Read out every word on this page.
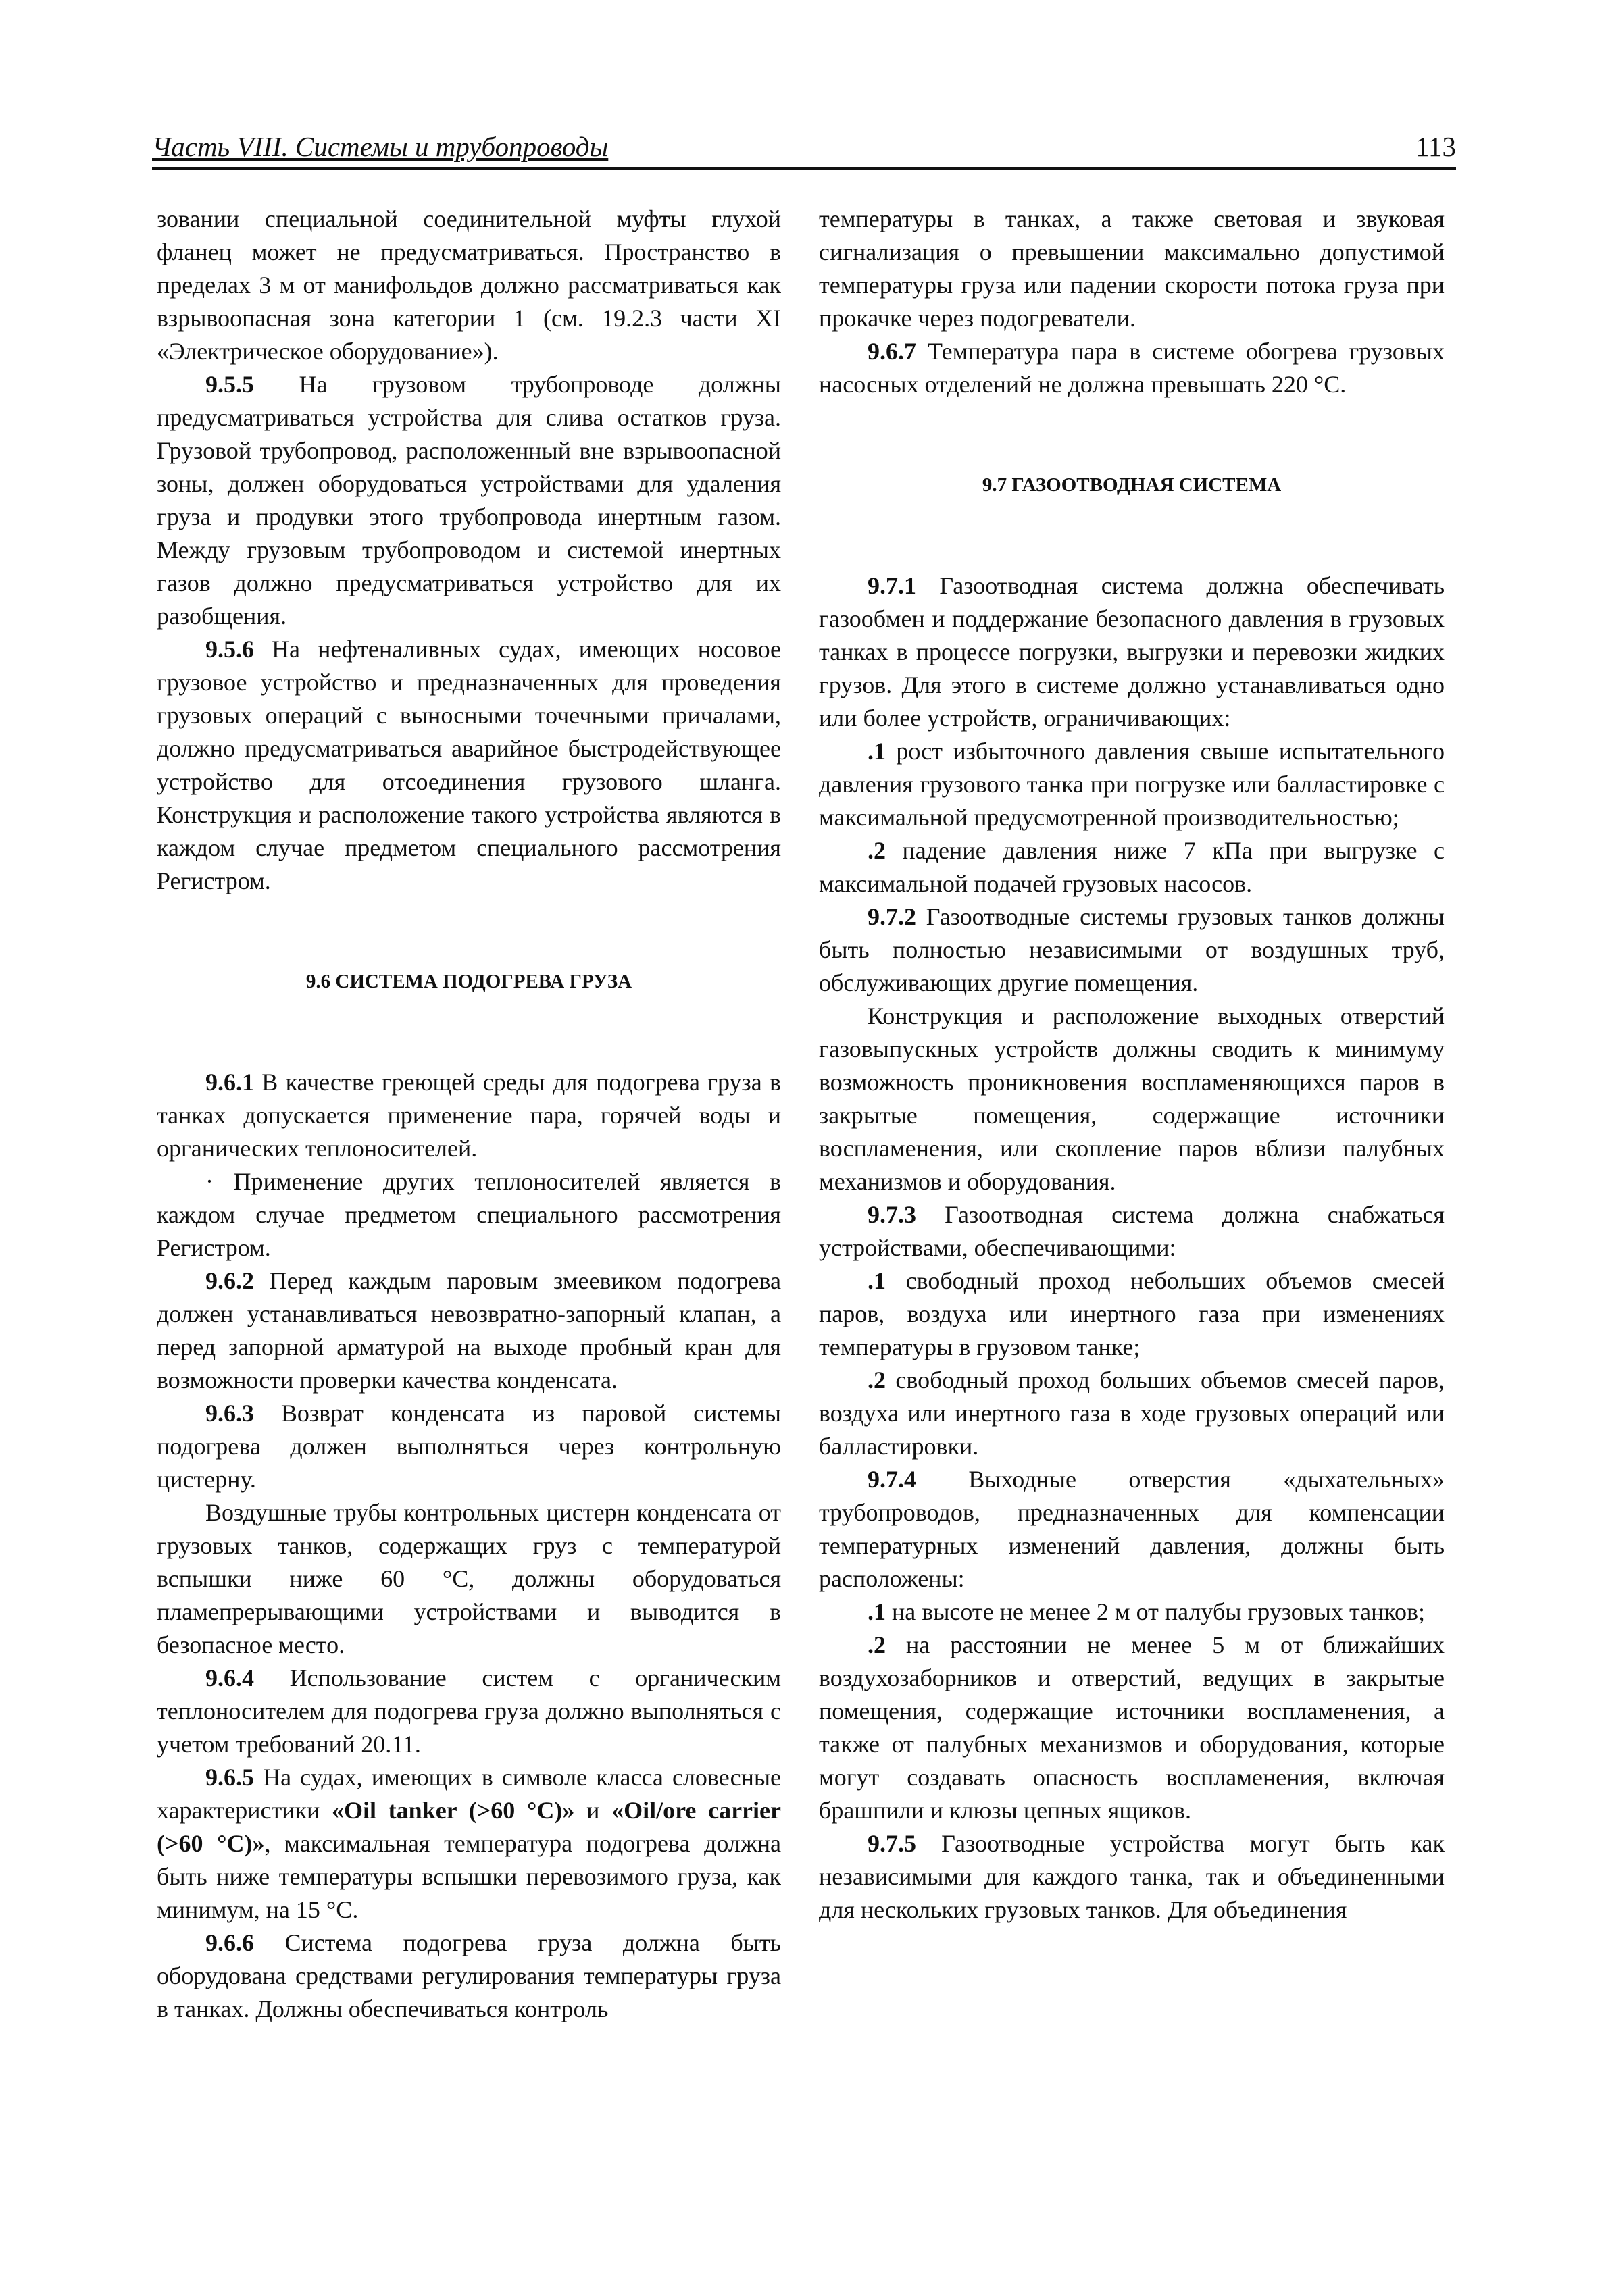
Часть VIII. Системы и трубопроводы	113

зовании специальной соединительной муфты глухой фланец может не предусматриваться. Пространство в пределах 3 м от манифольдов должно рассматриваться как взрывоопасная зона категории 1 (см. 19.2.3 части XI «Электрическое оборудование»).

9.5.5 На грузовом трубопроводе должны предусматриваться устройства для слива остатков груза. Грузовой трубопровод, расположенный вне взрывоопасной зоны, должен оборудоваться устройствами для удаления груза и продувки этого трубопровода инертным газом. Между грузовым трубопроводом и системой инертных газов должно предусматриваться устройство для их разобщения.

9.5.6 На нефтеналивных судах, имеющих носовое грузовое устройство и предназначенных для проведения грузовых операций с выносными точечными причалами, должно предусматриваться аварийное быстродействующее устройство для отсоединения грузового шланга. Конструкция и расположение такого устройства являются в каждом случае предметом специального рассмотрения Регистром.

9.6 СИСТЕМА ПОДОГРЕВА ГРУЗА

9.6.1 В качестве греющей среды для подогрева груза в танках допускается применение пара, горячей воды и органических теплоносителей.

· Применение других теплоносителей является в каждом случае предметом специального рассмотрения Регистром.

9.6.2 Перед каждым паровым змеевиком подогрева должен устанавливаться невозвратно-запорный клапан, а перед запорной арматурой на выходе пробный кран для возможности проверки качества конденсата.

9.6.3 Возврат конденсата из паровой системы подогрева должен выполняться через контрольную цистерну.

Воздушные трубы контрольных цистерн конденсата от грузовых танков, содержащих груз с температурой вспышки ниже 60 °С, должны оборудоваться пламепрерывающими устройствами и выводится в безопасное место.

9.6.4 Использование систем с органическим теплоносителем для подогрева груза должно выполняться с учетом требований 20.11.

9.6.5 На судах, имеющих в символе класса словесные характеристики «Oil tanker (>60 °C)» и «Oil/ore carrier (>60 °C)», максимальная температура подогрева должна быть ниже температуры вспышки перевозимого груза, как минимум, на 15 °С.

9.6.6 Система подогрева груза должна быть оборудована средствами регулирования температуры груза в танках. Должны обеспечиваться контроль

температуры в танках, а также световая и звуковая сигнализация о превышении максимально допустимой температуры груза или падении скорости потока груза при прокачке через подогреватели.

9.6.7 Температура пара в системе обогрева грузовых насосных отделений не должна превышать 220 °С.

9.7 ГАЗООТВОДНАЯ СИСТЕМА

9.7.1 Газоотводная система должна обеспечивать газообмен и поддержание безопасного давления в грузовых танках в процессе погрузки, выгрузки и перевозки жидких грузов. Для этого в системе должно устанавливаться одно или более устройств, ограничивающих:

.1 рост избыточного давления свыше испытательного давления грузового танка при погрузке или балластировке с максимальной предусмотренной производительностью;

.2 падение давления ниже 7 кПа при выгрузке с максимальной подачей грузовых насосов.

9.7.2 Газоотводные системы грузовых танков должны быть полностью независимыми от воздушных труб, обслуживающих другие помещения.

Конструкция и расположение выходных отверстий газовыпускных устройств должны сводить к минимуму возможность проникновения воспламеняющихся паров в закрытые помещения, содержащие источники воспламенения, или скопление паров вблизи палубных механизмов и оборудования.

9.7.3 Газоотводная система должна снабжаться устройствами, обеспечивающими:

.1 свободный проход небольших объемов смесей паров, воздуха или инертного газа при изменениях температуры в грузовом танке;

.2 свободный проход больших объемов смесей паров, воздуха или инертного газа в ходе грузовых операций или балластировки.

9.7.4 Выходные отверстия «дыхательных» трубопроводов, предназначенных для компенсации температурных изменений давления, должны быть расположены:

.1 на высоте не менее 2 м от палубы грузовых танков;

.2 на расстоянии не менее 5 м от ближайших воздухозаборников и отверстий, ведущих в закрытые помещения, содержащие источники воспламенения, а также от палубных механизмов и оборудования, которые могут создавать опасность воспламенения, включая брашпили и клюзы цепных ящиков.

9.7.5 Газоотводные устройства могут быть как независимыми для каждого танка, так и объединенными для нескольких грузовых танков. Для объединения
